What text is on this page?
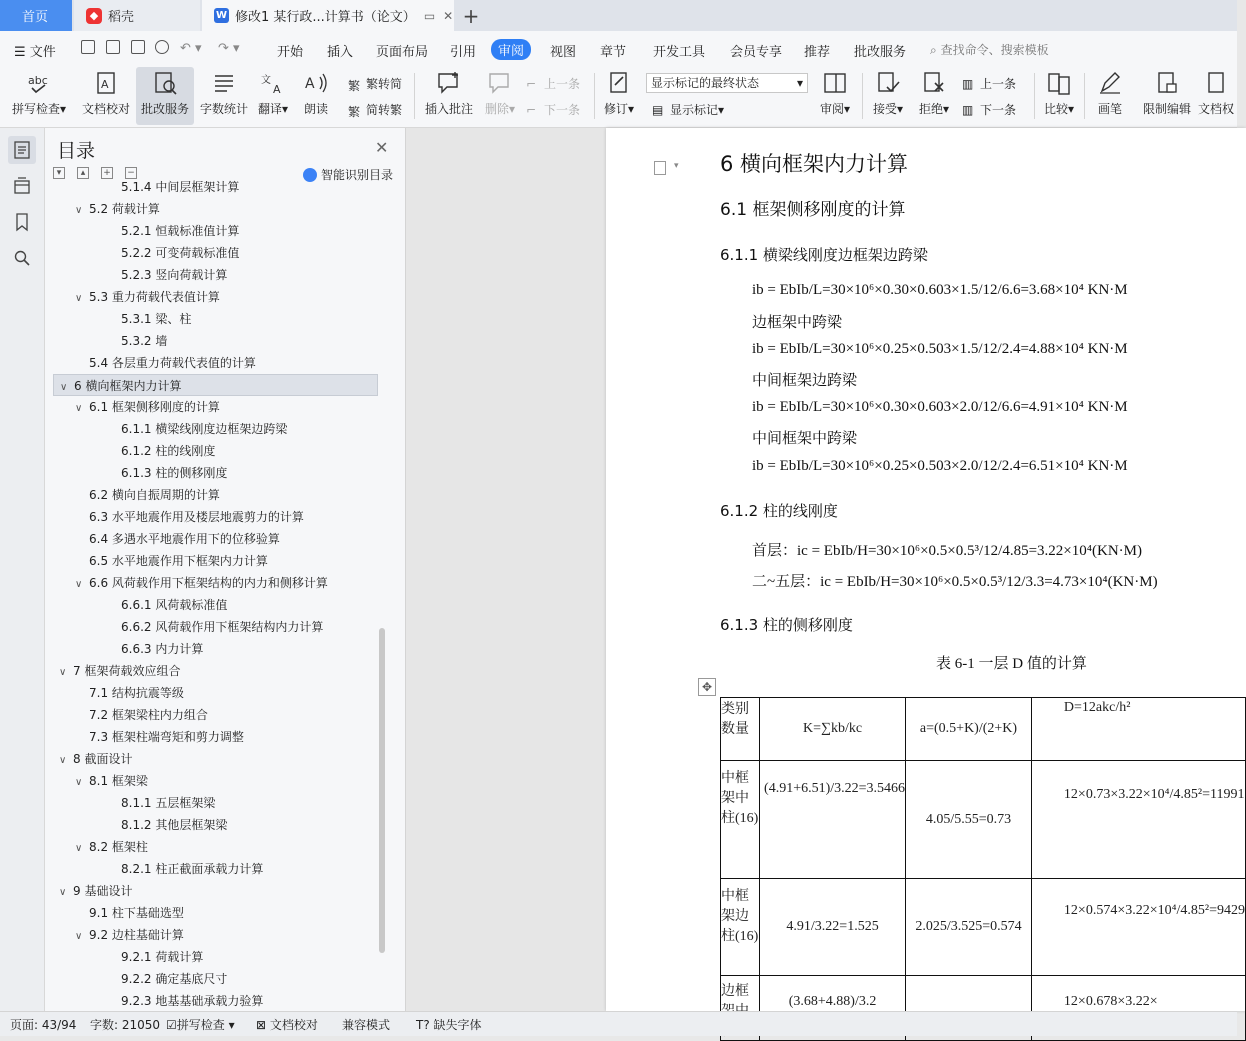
首页	◆ 稻壳	W 修改1 某行政...计算书（论文） ▭ ✕ +
☰ 文件	↶ ▾ ↷ ▾	⌕ 查找命令、搜索模板
开始 插入 页面布局 引用	审阅	视图 章节 开发工具 会员专享 推荐 批改服务
abc
拼写检查▾
A
文档校对 批改服务 字数统计
文
A
翻译▾
A
朗读
繁 繁转简
繁 简转繁 插入批注 删除▾
⌐ 上一条
⌐ 下一条 修订▾
显示标记的最终状态	▾
▤ 显示标记 ▾	审阅▾ 接受▾ 拒绝▾
▥ 上一条
▥ 下一条 比较▾ 画笔 限制编辑 文档权
目录	✕
▾	▴	+ −	智能识别目录
5.1.4 中间层框架计算
∨ 5.2 荷载计算
5.2.1 恒载标准值计算
5.2.2 可变荷载标准值
5.2.3 竖向荷载计算
∨ 5.3 重力荷载代表值计算
5.3.1 梁、柱
5.3.2 墙
5.4 各层重力荷载代表值的计算
∨ 6 横向框架内力计算
∨ 6.1 框架侧移刚度的计算
6.1.1 横梁线刚度边框架边跨梁
6.1.2 柱的线刚度
6.1.3 柱的侧移刚度
6.2 横向自振周期的计算
6.3 水平地震作用及楼层地震剪力的计算
6.4 多遇水平地震作用下的位移验算
6.5 水平地震作用下框架内力计算
∨ 6.6 风荷载作用下框架结构的内力和侧移计算
6.6.1 风荷载标准值
6.6.2 风荷载作用下框架结构内力计算
6.6.3 内力计算
∨ 7 框架荷载效应组合
7.1 结构抗震等级
7.2 框架梁柱内力组合
7.3 框架柱端弯矩和剪力调整
∨ 8 截面设计
∨ 8.1 框架梁
8.1.1 五层框架梁
8.1.2 其他层框架梁
∨ 8.2 框架柱
8.2.1 柱正截面承载力计算
∨ 9 基础设计
9.1 柱下基础选型
∨ 9.2 边柱基础计算
9.2.1 荷载计算
9.2.2 确定基底尺寸
9.2.3 地基基础承载力验算
▾ 6 横向框架内力计算
6.1 框架侧移刚度的计算
6.1.1 横梁线刚度边框架边跨梁
ib = EbIb/L=30×10⁶×0.30×0.603×1.5/12/6.6=3.68×10⁴ KN·M
边框架中跨梁
ib = EbIb/L=30×10⁶×0.25×0.503×1.5/12/2.4=4.88×10⁴ KN·M
中间框架边跨梁
ib = EbIb/L=30×10⁶×0.30×0.603×2.0/12/6.6=4.91×10⁴ KN·M
中间框架中跨梁
ib = EbIb/L=30×10⁶×0.25×0.503×2.0/12/2.4=6.51×10⁴ KN·M
6.1.2 柱的线刚度
首层：ic = EbIb/H=30×10⁶×0.5×0.5³/12/4.85=3.22×10⁴(KN·M)
二~五层：ic = EbIb/H=30×10⁶×0.5×0.5³/12/3.3=4.73×10⁴(KN·M)
6.1.3 柱的侧移刚度
表 6-1 一层 D 值的计算
✥
类别数量	K=∑kb/kc	a=(0.5+K)/(2+K)	D=12akc/h²
中框架中柱(16)	(4.91+6.51)/3.22=3.5466	4.05/5.55=0.73	12×0.73×3.22×10⁴/4.85²=11991
中框架边柱(16)	4.91/3.22=1.525	2.025/3.525=0.574	12×0.574×3.22×10⁴/4.85²=9429
边框	(3.68+4.88)/3.2		12×0.678×3.22×
页面: 43/94 字数: 21050 ☑拼写检查 ▾ ⊠ 文档校对 兼容模式 T? 缺失字体
